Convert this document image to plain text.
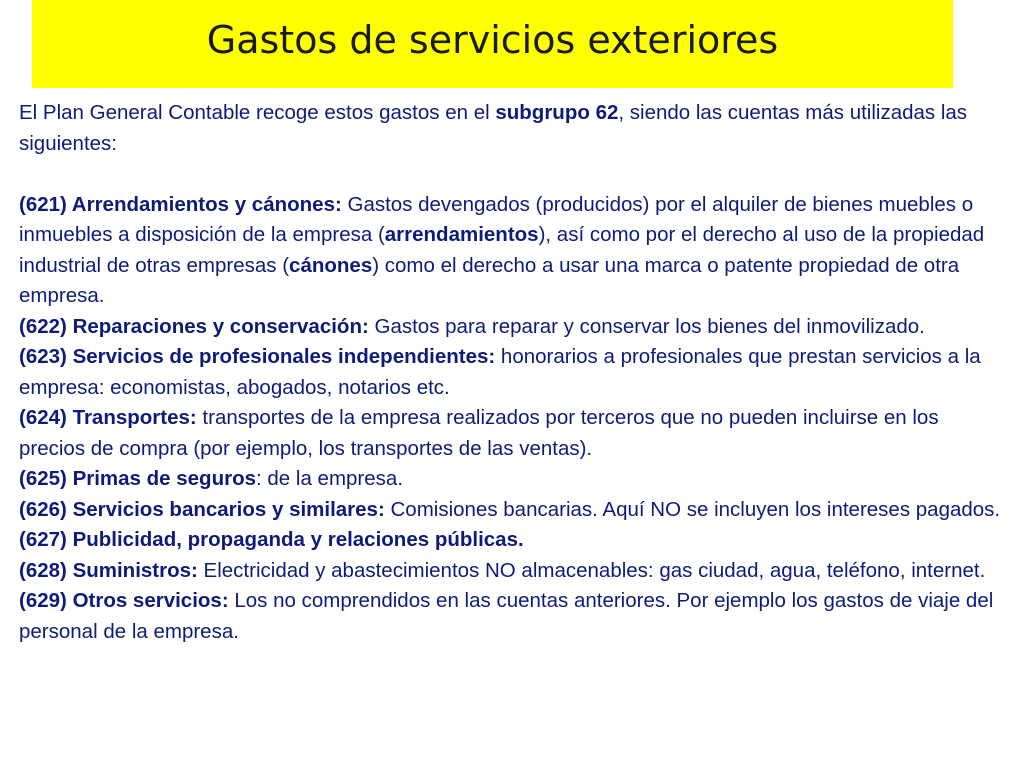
Gastos de servicios exteriores

El Plan General Contable recoge estos gastos en el subgrupo 62, siendo las cuentas más utilizadas las siguientes:

(621) Arrendamientos y cánones: Gastos devengados (producidos) por el alquiler de bienes muebles o inmuebles a disposición de la empresa (arrendamientos), así como por el derecho al uso de la propiedad industrial de otras empresas (cánones) como el derecho a usar una marca o patente propiedad de otra empresa.

(622) Reparaciones y conservación: Gastos para reparar y conservar los bienes del inmovilizado.

(623) Servicios de profesionales independientes: honorarios a profesionales que prestan servicios a la empresa: economistas, abogados, notarios etc.

(624) Transportes: transportes de la empresa realizados por terceros que no pueden incluirse en los precios de compra (por ejemplo, los transportes de las ventas).

(625) Primas de seguros: de la empresa.

(626) Servicios bancarios y similares: Comisiones bancarias. Aquí NO se incluyen los intereses pagados.

(627) Publicidad, propaganda y relaciones públicas.

(628) Suministros: Electricidad y abastecimientos NO almacenables: gas ciudad, agua, teléfono, internet.

(629) Otros servicios: Los no comprendidos en las cuentas anteriores. Por ejemplo los gastos de viaje del personal de la empresa.
